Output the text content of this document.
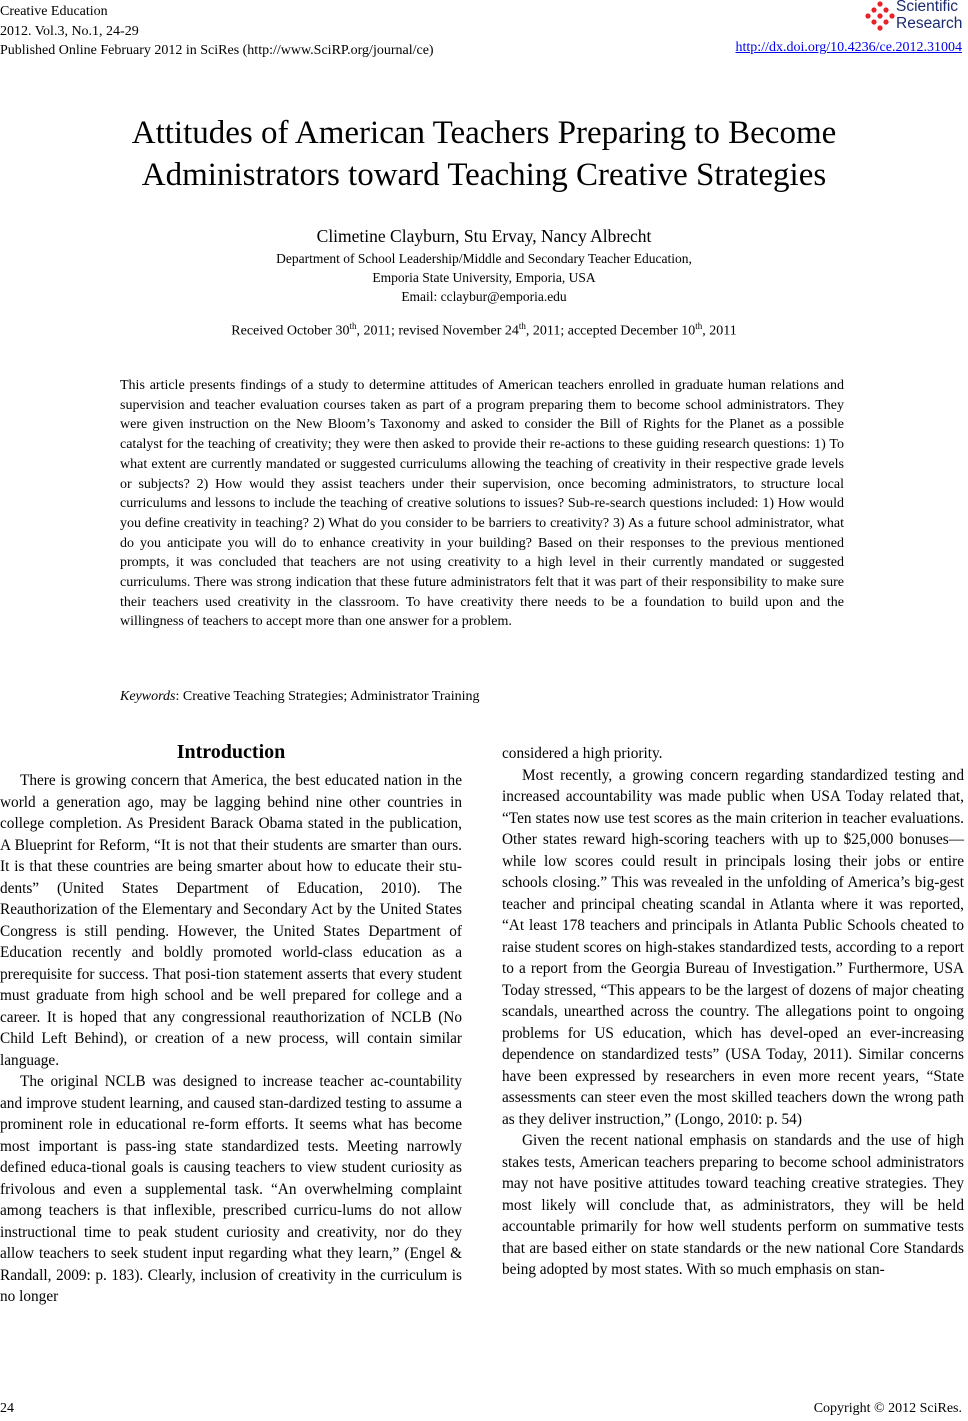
Creative Education
2012. Vol.3, No.1, 24-29
Published Online February 2012 in SciRes (http://www.SciRP.org/journal/ce)
Scientific
Research
http://dx.doi.org/10.4236/ce.2012.31004
Attitudes of American Teachers Preparing to Become
Administrators toward Teaching Creative Strategies
Climetine Clayburn, Stu Ervay, Nancy Albrecht
Department of School Leadership/Middle and Secondary Teacher Education,
Emporia State University, Emporia, USA
Email: cclaybur@emporia.edu
Received October 30th, 2011; revised November 24th, 2011; accepted December 10th, 2011
This article presents findings of a study to determine attitudes of American teachers enrolled in graduate human relations and supervision and teacher evaluation courses taken as part of a program preparing them to become school administrators. They were given instruction on the New Bloom’s Taxonomy and asked to consider the Bill of Rights for the Planet as a possible catalyst for the teaching of creativity; they were then asked to provide their re-actions to these guiding research questions: 1) To what extent are currently mandated or suggested curriculums allowing the teaching of creativity in their respective grade levels or subjects? 2) How would they assist teachers under their supervision, once becoming administrators, to structure local curriculums and lessons to include the teaching of creative solutions to issues? Sub-re-search questions included: 1) How would you define creativity in teaching? 2) What do you consider to be barriers to creativity? 3) As a future school administrator, what do you anticipate you will do to enhance creativity in your building? Based on their responses to the previous mentioned prompts, it was concluded that teachers are not using creativity to a high level in their currently mandated or suggested curriculums. There was strong indication that these future administrators felt that it was part of their responsibility to make sure their teachers used creativity in the classroom. To have creativity there needs to be a foundation to build upon and the willingness of teachers to accept more than one answer for a problem.
Keywords: Creative Teaching Strategies; Administrator Training
Introduction

There is growing concern that America, the best educated nation in the world a generation ago, may be lagging behind nine other countries in college completion. As President Barack Obama stated in the publication, A Blueprint for Reform, “It is not that their students are smarter than ours. It is that these countries are being smarter about how to educate their stu-dents” (United States Department of Education, 2010). The Reauthorization of the Elementary and Secondary Act by the United States Congress is still pending. However, the United States Department of Education recently and boldly promoted world-class education as a prerequisite for success. That posi-tion statement asserts that every student must graduate from high school and be well prepared for college and a career. It is hoped that any congressional reauthorization of NCLB (No Child Left Behind), or creation of a new process, will contain similar language.

The original NCLB was designed to increase teacher ac-countability and improve student learning, and caused stan-dardized testing to assume a prominent role in educational re-form efforts. It seems what has become most important is pass-ing state standardized tests. Meeting narrowly defined educa-tional goals is causing teachers to view student curiosity as frivolous and even a supplemental task. “An overwhelming complaint among teachers is that inflexible, prescribed curricu-lums do not allow instructional time to peak student curiosity and creativity, nor do they allow teachers to seek student input regarding what they learn,” (Engel & Randall, 2009: p. 183). Clearly, inclusion of creativity in the curriculum is no longer

considered a high priority.

Most recently, a growing concern regarding standardized testing and increased accountability was made public when USA Today related that, “Ten states now use test scores as the main criterion in teacher evaluations. Other states reward high-scoring teachers with up to $25,000 bonuses—while low scores could result in principals losing their jobs or entire schools closing.” This was revealed in the unfolding of America’s big-gest teacher and principal cheating scandal in Atlanta where it was reported, “At least 178 teachers and principals in Atlanta Public Schools cheated to raise student scores on high-stakes standardized tests, according to a report to a report from the Georgia Bureau of Investigation.” Furthermore, USA Today stressed, “This appears to be the largest of dozens of major cheating scandals, unearthed across the country. The allegations point to ongoing problems for US education, which has devel-oped an ever-increasing dependence on standardized tests” (USA Today, 2011). Similar concerns have been expressed by researchers in even more recent years, “State assessments can steer even the most skilled teachers down the wrong path as they deliver instruction,” (Longo, 2010: p. 54)

Given the recent national emphasis on standards and the use of high stakes tests, American teachers preparing to become school administrators may not have positive attitudes toward teaching creative strategies. They most likely will conclude that, as administrators, they will be held accountable primarily for how well students perform on summative tests that are based either on state standards or the new national Core Standards being adopted by most states. With so much emphasis on stan-

24	Copyright © 2012 SciRes.
